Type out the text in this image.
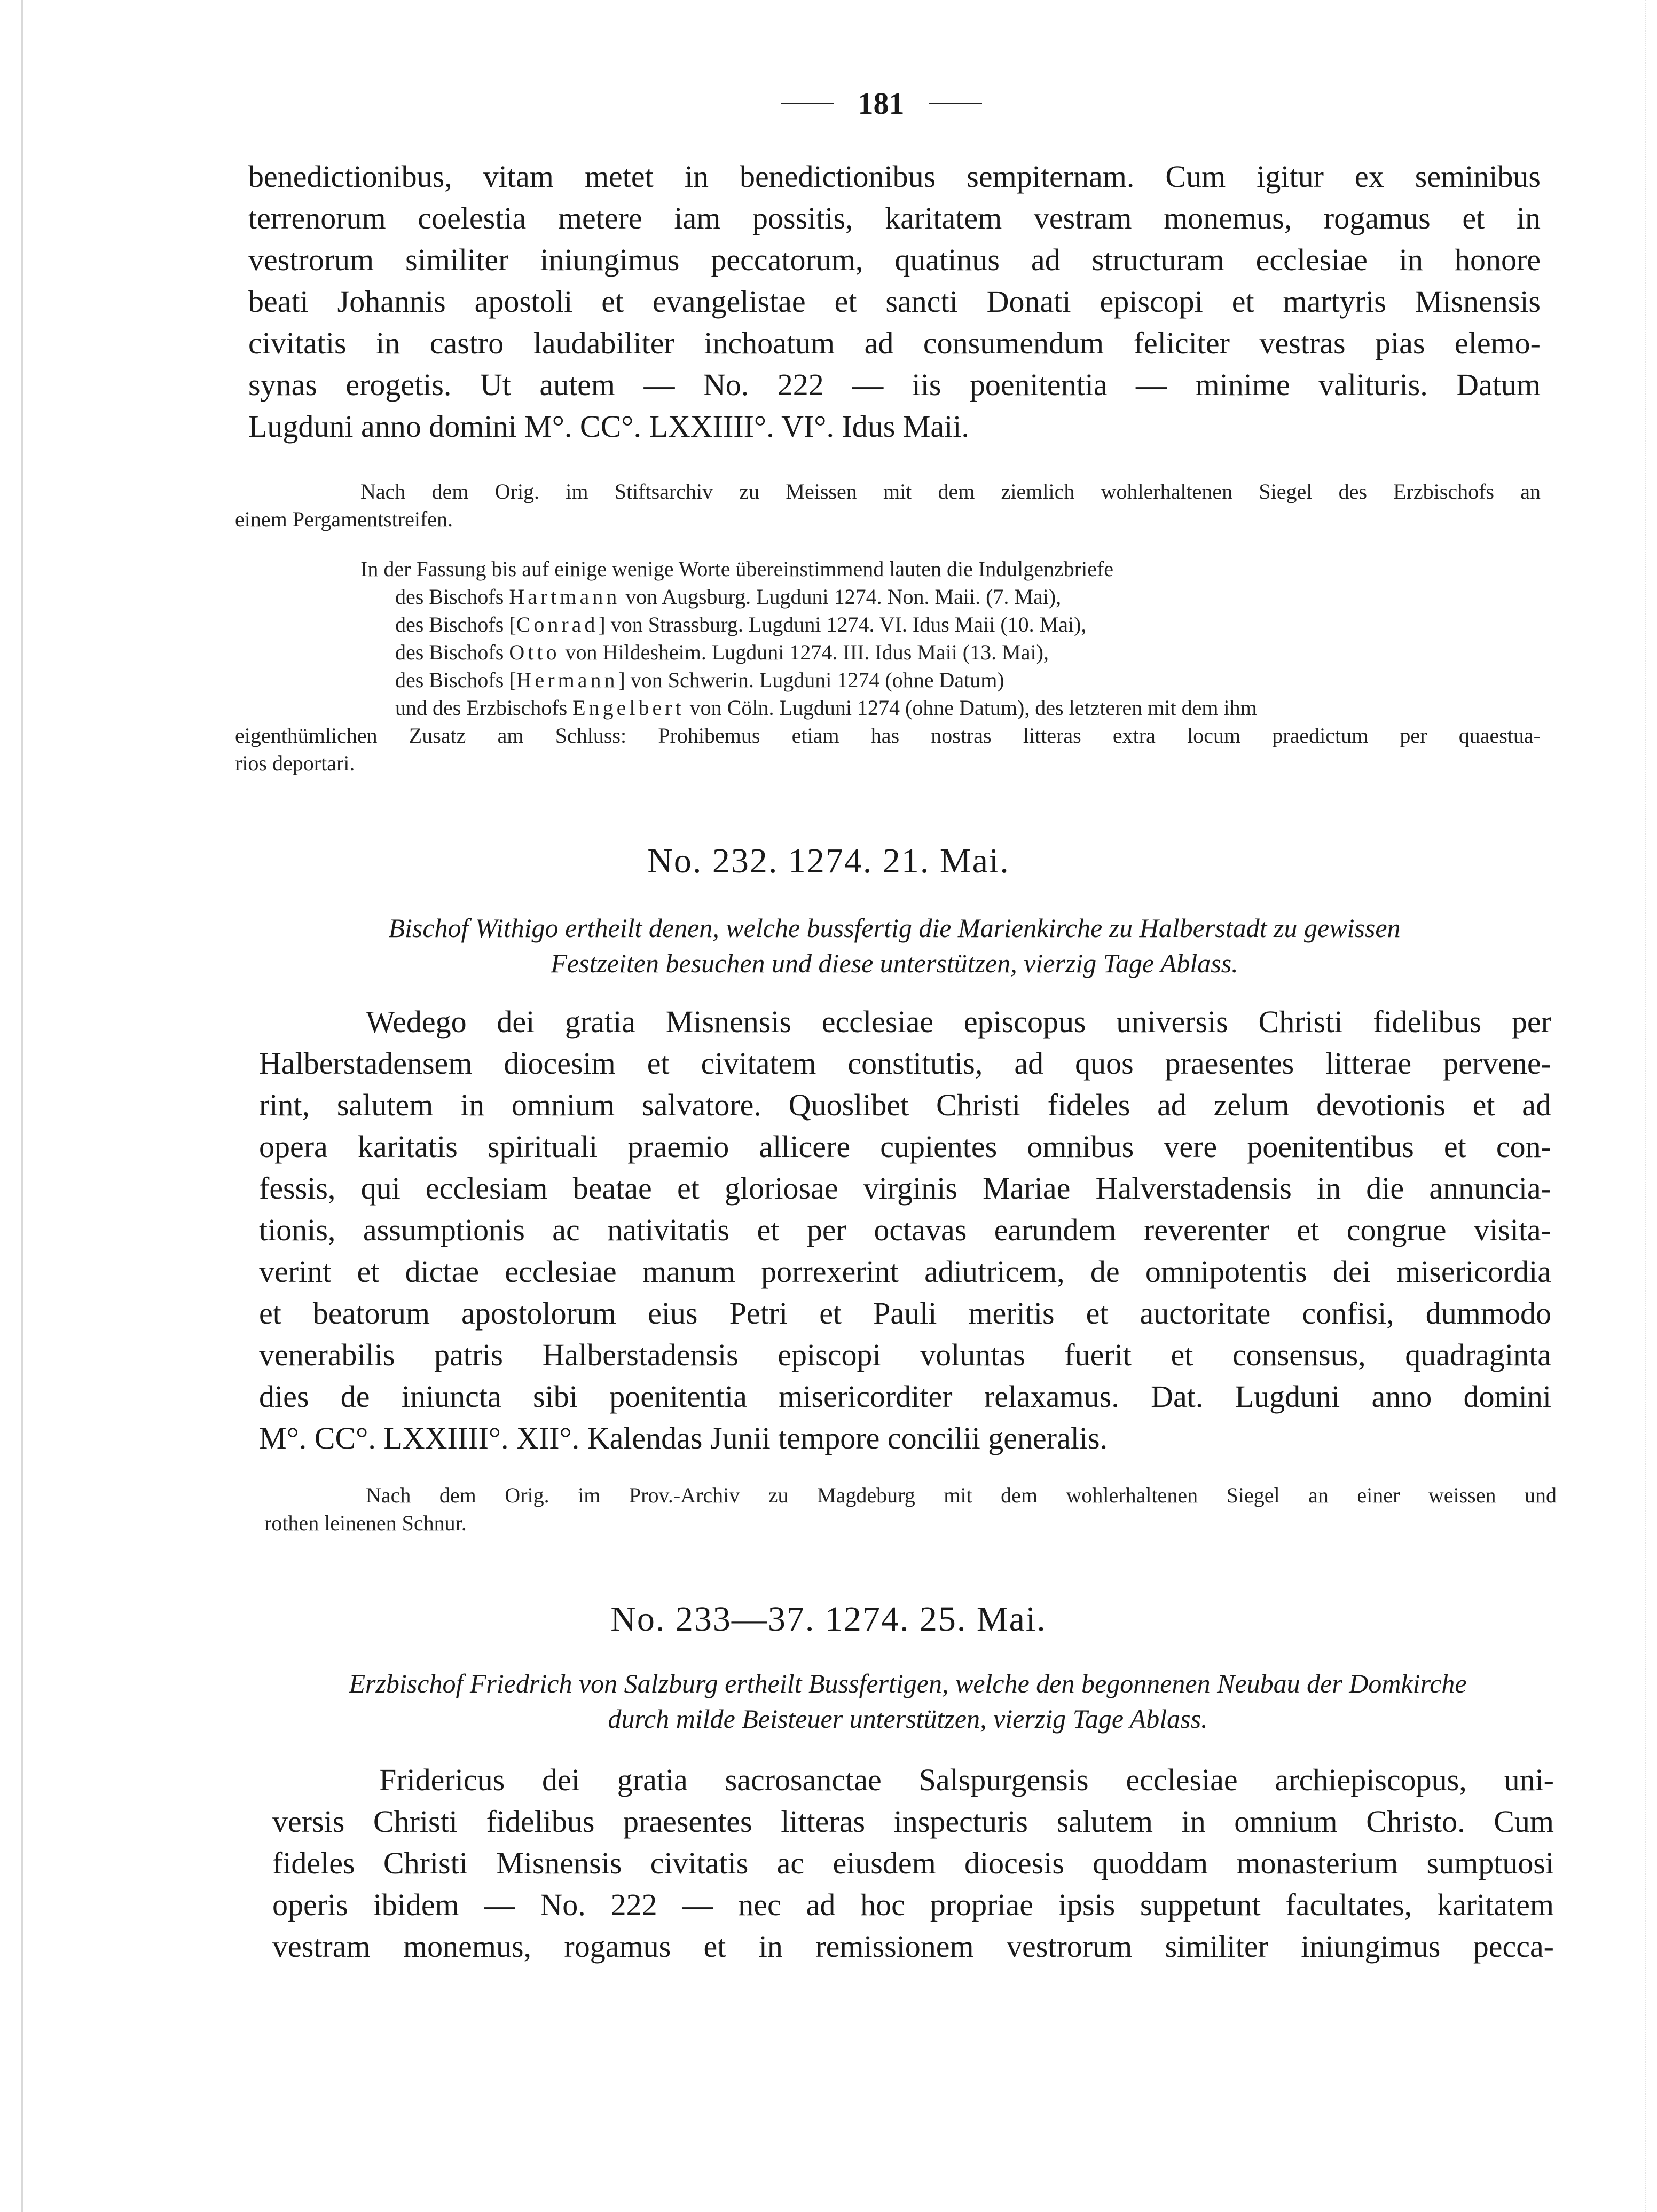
181
benedictionibus, vitam metet in benedictionibus sempiternam. Cum igitur ex seminibus
terrenorum coelestia metere iam possitis, karitatem vestram monemus, rogamus et in
vestrorum similiter iniungimus peccatorum, quatinus ad structuram ecclesiae in honore
beati Johannis apostoli et evangelistae et sancti Donati episcopi et martyris Misnensis
civitatis in castro laudabiliter inchoatum ad consumendum feliciter vestras pias elemo-
synas erogetis. Ut autem — No. 222 — iis poenitentia — minime valituris. Datum
Lugduni anno domini M°. CC°. LXXIIII°. VI°. Idus Maii.
Nach dem Orig. im Stiftsarchiv zu Meissen mit dem ziemlich wohlerhaltenen Siegel des Erzbischofs an
einem Pergamentstreifen.
In der Fassung bis auf einige wenige Worte übereinstimmend lauten die Indulgenzbriefe
des Bischofs Hartmann von Augsburg. Lugduni 1274. Non. Maii. (7. Mai),
des Bischofs [Conrad] von Strassburg. Lugduni 1274. VI. Idus Maii (10. Mai),
des Bischofs Otto von Hildesheim. Lugduni 1274. III. Idus Maii (13. Mai),
des Bischofs [Hermann] von Schwerin. Lugduni 1274 (ohne Datum)
und des Erzbischofs Engelbert von Cöln. Lugduni 1274 (ohne Datum), des letzteren mit dem ihm
eigenthümlichen Zusatz am Schluss: Prohibemus etiam has nostras litteras extra locum praedictum per quaestua-
rios deportari.
No. 232. 1274. 21. Mai.
Bischof Withigo ertheilt denen, welche bussfertig die Marienkirche zu Halberstadt zu gewissen
Festzeiten besuchen und diese unterstützen, vierzig Tage Ablass.
Wedego dei gratia Misnensis ecclesiae episcopus universis Christi fidelibus per
Halberstadensem diocesim et civitatem constitutis, ad quos praesentes litterae pervene-
rint, salutem in omnium salvatore. Quoslibet Christi fideles ad zelum devotionis et ad
opera karitatis spirituali praemio allicere cupientes omnibus vere poenitentibus et con-
fessis, qui ecclesiam beatae et gloriosae virginis Mariae Halverstadensis in die annuncia-
tionis, assumptionis ac nativitatis et per octavas earundem reverenter et congrue visita-
verint et dictae ecclesiae manum porrexerint adiutricem, de omnipotentis dei misericordia
et beatorum apostolorum eius Petri et Pauli meritis et auctoritate confisi, dummodo
venerabilis patris Halberstadensis episcopi voluntas fuerit et consensus, quadraginta
dies de iniuncta sibi poenitentia misericorditer relaxamus. Dat. Lugduni anno domini
M°. CC°. LXXIIII°. XII°. Kalendas Junii tempore concilii generalis.
Nach dem Orig. im Prov.-Archiv zu Magdeburg mit dem wohlerhaltenen Siegel an einer weissen und
rothen leinenen Schnur.
No. 233—37. 1274. 25. Mai.
Erzbischof Friedrich von Salzburg ertheilt Bussfertigen, welche den begonnenen Neubau der Domkirche
durch milde Beisteuer unterstützen, vierzig Tage Ablass.
Fridericus dei gratia sacrosanctae Salspurgensis ecclesiae archiepiscopus, uni-
versis Christi fidelibus praesentes litteras inspecturis salutem in omnium Christo. Cum
fideles Christi Misnensis civitatis ac eiusdem diocesis quoddam monasterium sumptuosi
operis ibidem — No. 222 — nec ad hoc propriae ipsis suppetunt facultates, karitatem
vestram monemus, rogamus et in remissionem vestrorum similiter iniungimus pecca-
